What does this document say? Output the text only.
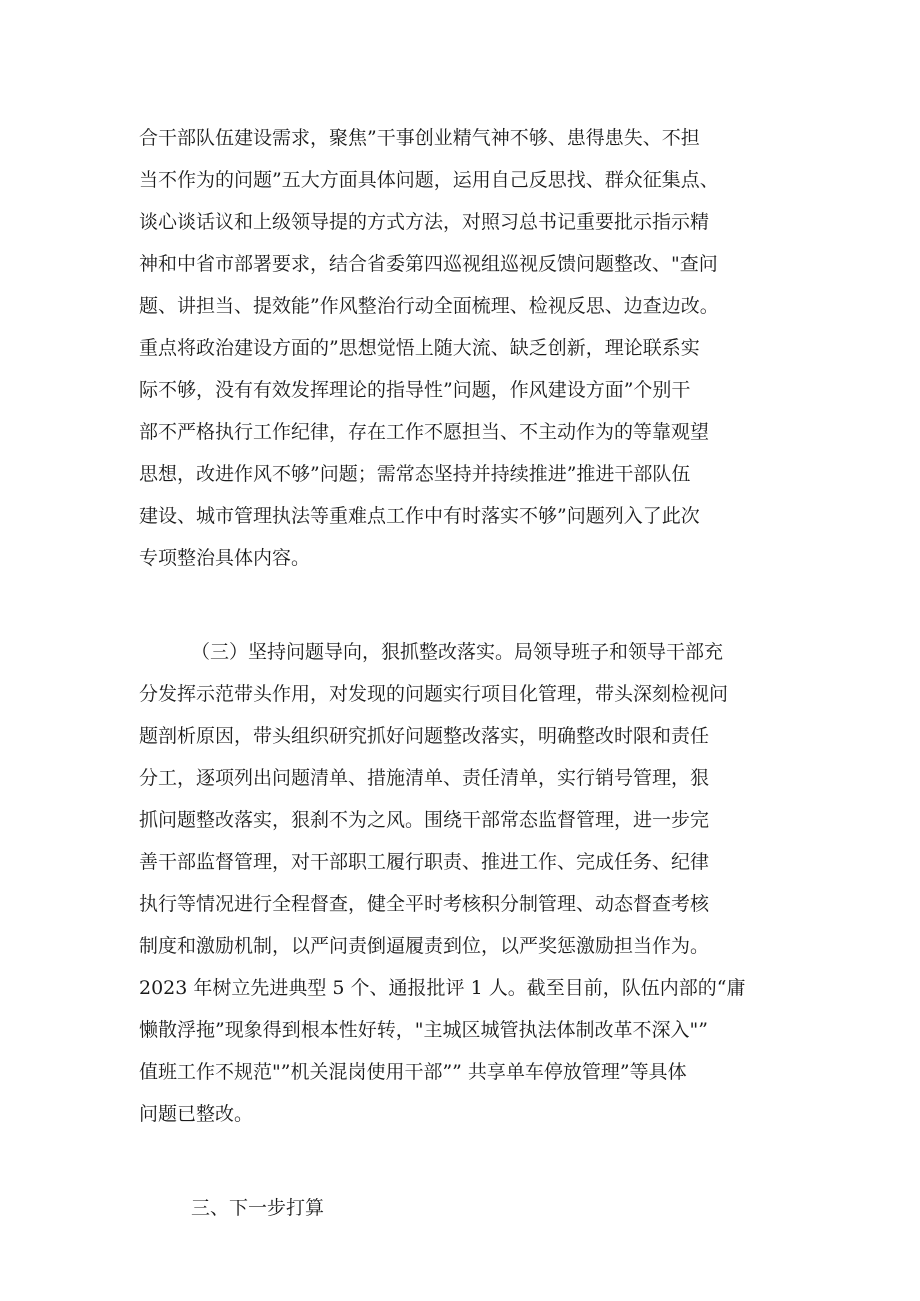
合干部队伍建设需求，聚焦”干事创业精气神不够、患得患失、不担
当不作为的问题”五大方面具体问题，运用自己反思找、群众征集点、
谈心谈话议和上级领导提的方式方法，对照习总书记重要批示指示精
神和中省市部署要求，结合省委第四巡视组巡视反馈问题整改、"查问
题、讲担当、提效能”作风整治行动全面梳理、检视反思、边查边改。
重点将政治建设方面的”思想觉悟上随大流、缺乏创新，理论联系实
际不够，没有有效发挥理论的指导性”问题，作风建设方面”个别干
部不严格执行工作纪律，存在工作不愿担当、不主动作为的等靠观望
思想，改进作风不够”问题；需常态坚持并持续推进”推进干部队伍
建设、城市管理执法等重难点工作中有时落实不够”问题列入了此次
专项整治具体内容。
（三）坚持问题导向，狠抓整改落实。局领导班子和领导干部充
分发挥示范带头作用，对发现的问题实行项目化管理，带头深刻检视问
题剖析原因，带头组织研究抓好问题整改落实，明确整改时限和责任
分工，逐项列出问题清单、措施清单、责任清单，实行销号管理，狠
抓问题整改落实，狠刹不为之风。围绕干部常态监督管理，进一步完
善干部监督管理，对干部职工履行职责、推进工作、完成任务、纪律
执行等情况进行全程督查，健全平时考核积分制管理、动态督查考核
制度和激励机制，以严问责倒逼履责到位，以严奖惩激励担当作为。
2023 年树立先进典型 5 个、通报批评 1 人。截至目前，队伍内部的“庸
懒散浮拖”现象得到根本性好转，"主城区城管执法体制改革不深入"”
值班工作不规范"”机关混岗使用干部”” 共享单车停放管理”等具体
问题已整改。
三、下一步打算
